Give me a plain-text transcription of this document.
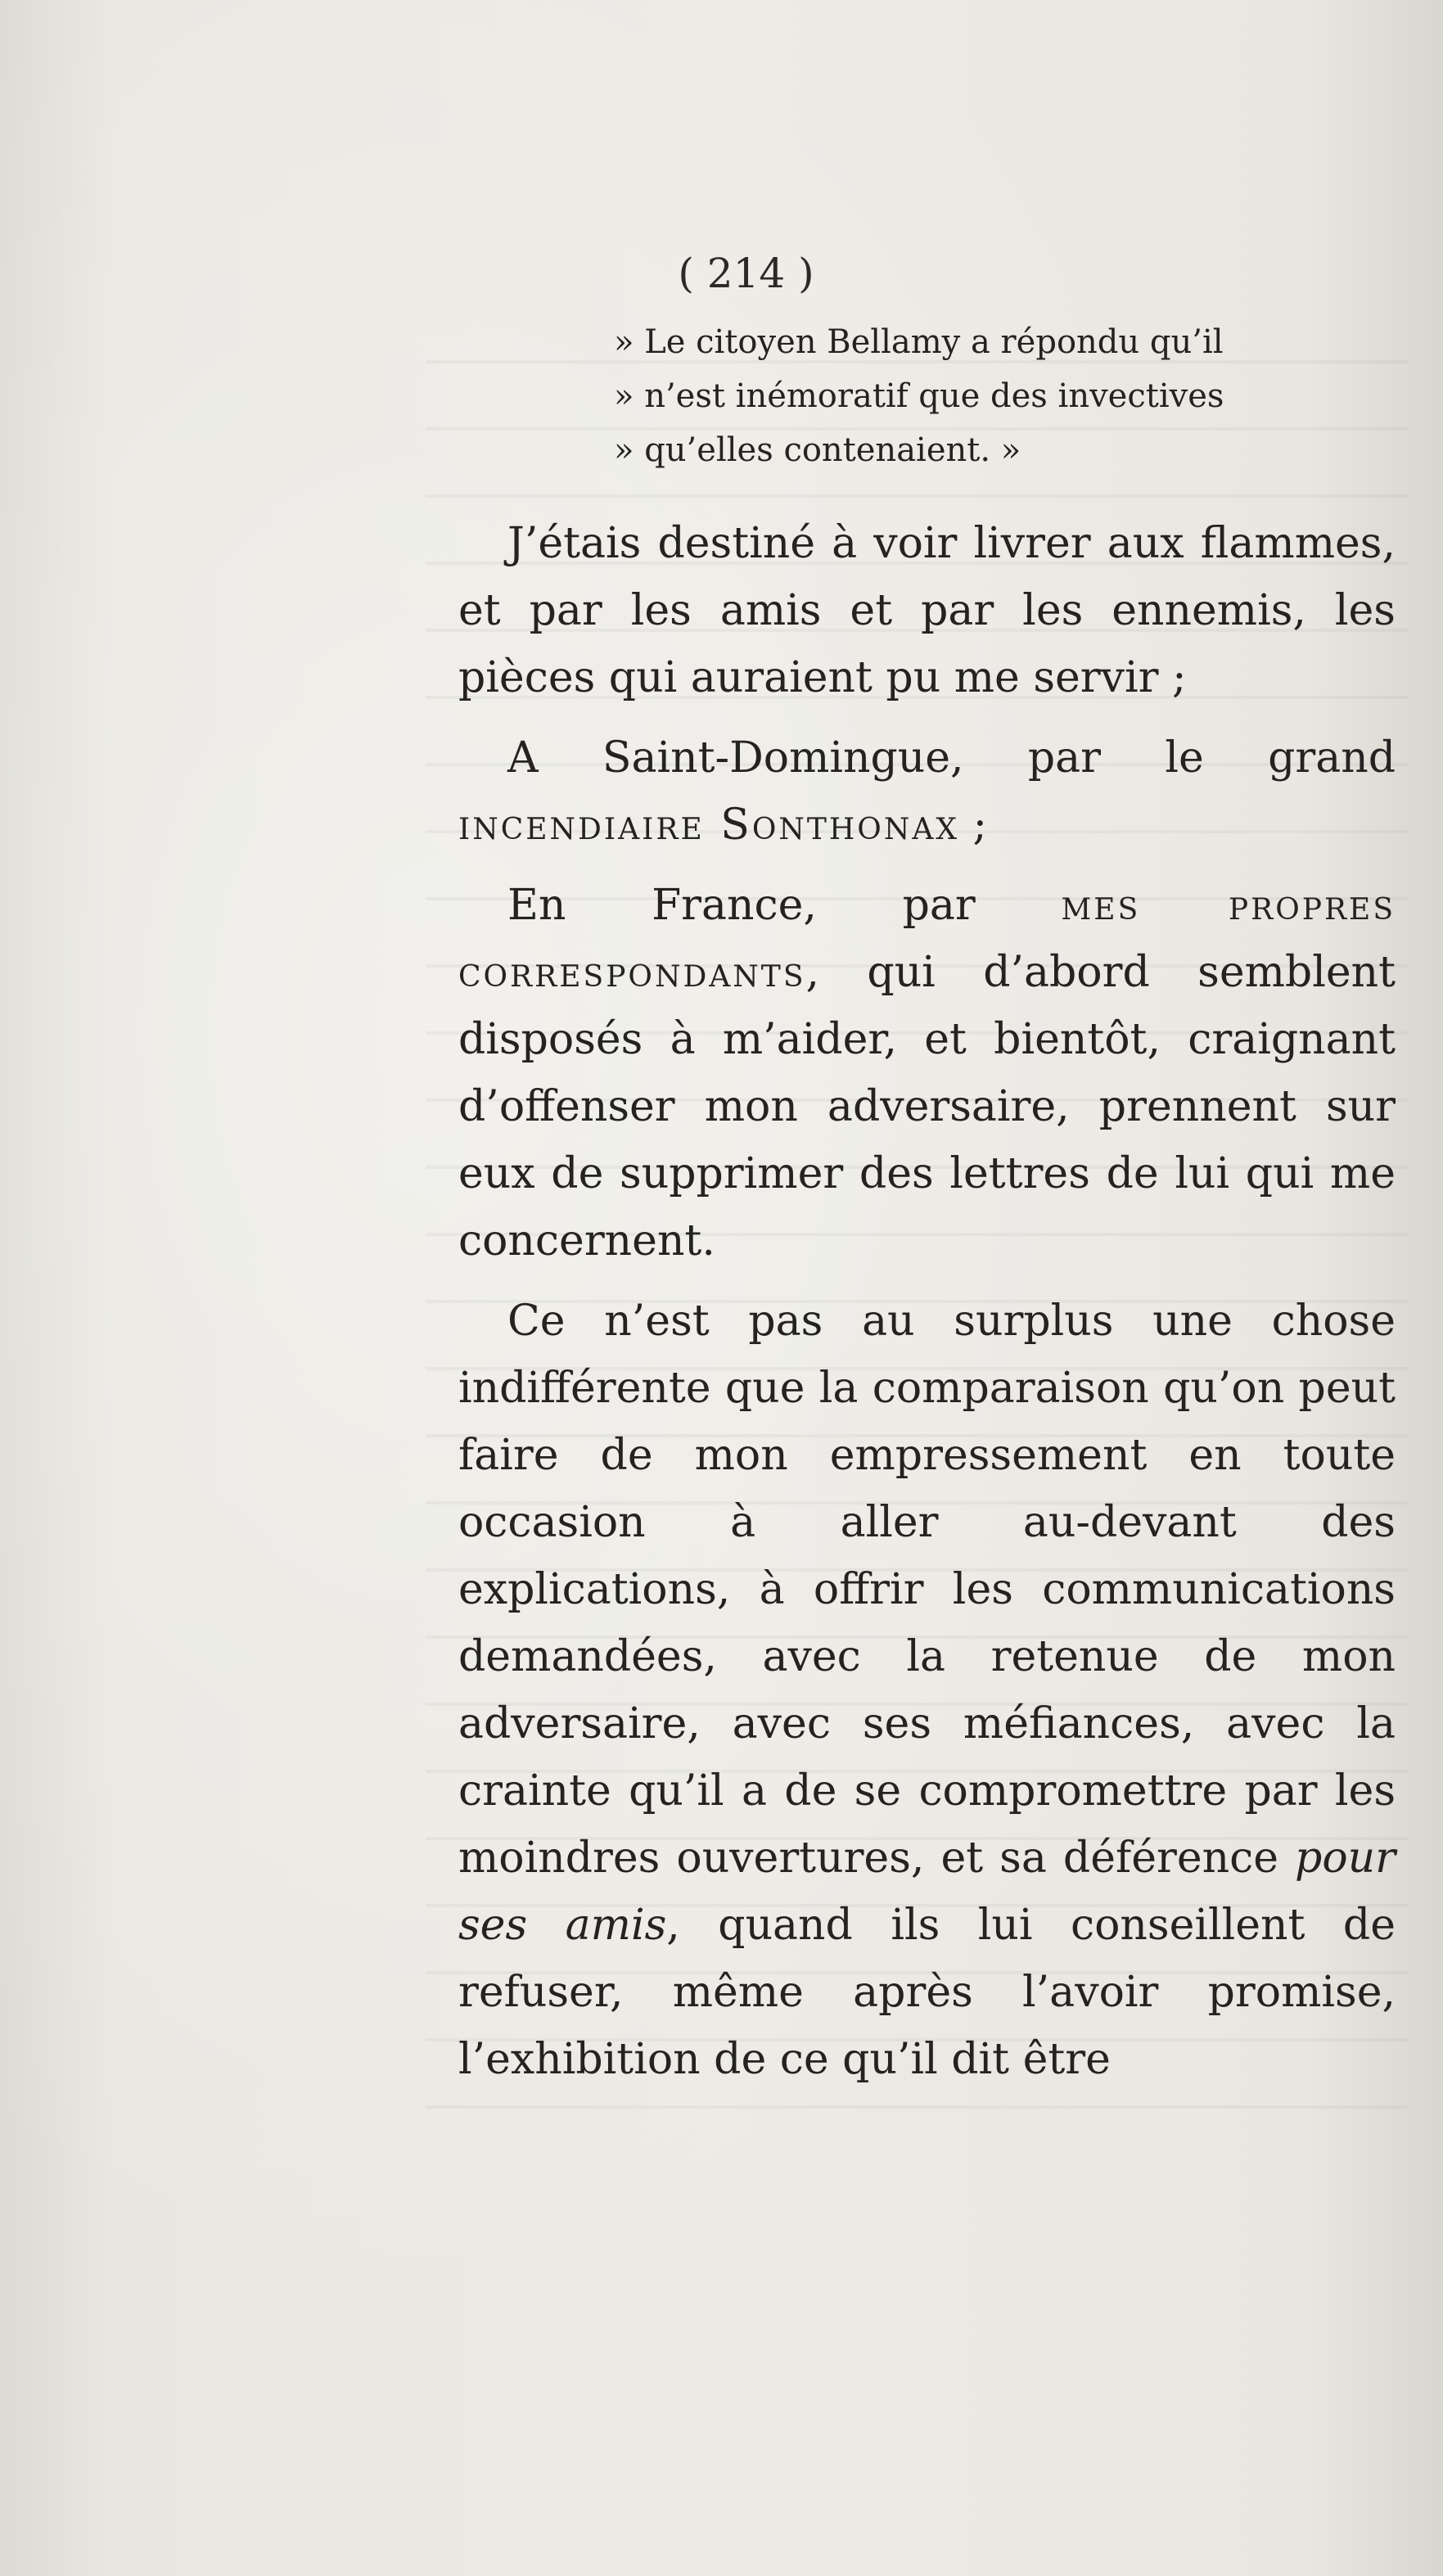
( 214 )
» Le citoyen Bellamy a répondu qu’il
» n’est inémoratif que des invectives
» qu’elles contenaient. »

J’étais destiné à voir livrer aux flammes, et par les amis et par les ennemis, les pièces qui auraient pu me servir ;

A Saint-Domingue, par le grand incendiaire Sonthonax ;

En France, par mes propres correspondants, qui d’abord semblent disposés à m’aider, et bientôt, craignant d’offenser mon adversaire, prennent sur eux de supprimer des lettres de lui qui me concernent.

Ce n’est pas au surplus une chose indifférente que la comparaison qu’on peut faire de mon empressement en toute occasion à aller au-devant des explications, à offrir les communications demandées, avec la retenue de mon adversaire, avec ses méfiances, avec la crainte qu’il a de se compromettre par les moindres ouvertures, et sa déférence pour ses amis, quand ils lui conseillent de refuser, même après l’avoir promise, l’exhibition de ce qu’il dit être
